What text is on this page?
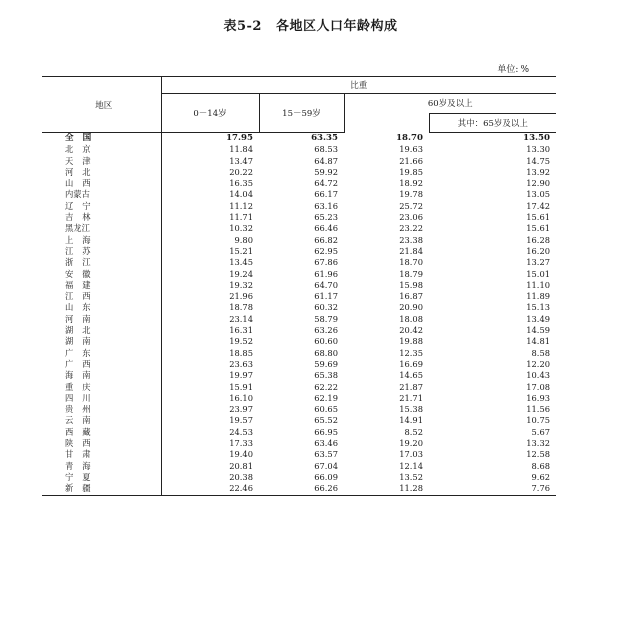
表5-2 各地区人口年龄构成
单位: %
地区	比重			
	0－14岁	15－59岁	60岁及以上	
				其中：65岁及以上
全国	17.95	63.35	18.70	13.50
北京	11.84	68.53	19.63	13.30
天津	13.47	64.87	21.66	14.75
河北	20.22	59.92	19.85	13.92
山西	16.35	64.72	18.92	12.90
内蒙古	14.04	66.17	19.78	13.05
辽宁	11.12	63.16	25.72	17.42
吉林	11.71	65.23	23.06	15.61
黑龙江	10.32	66.46	23.22	15.61
上海	9.80	66.82	23.38	16.28
江苏	15.21	62.95	21.84	16.20
浙江	13.45	67.86	18.70	13.27
安徽	19.24	61.96	18.79	15.01
福建	19.32	64.70	15.98	11.10
江西	21.96	61.17	16.87	11.89
山东	18.78	60.32	20.90	15.13
河南	23.14	58.79	18.08	13.49
湖北	16.31	63.26	20.42	14.59
湖南	19.52	60.60	19.88	14.81
广东	18.85	68.80	12.35	8.58
广西	23.63	59.69	16.69	12.20
海南	19.97	65.38	14.65	10.43
重庆	15.91	62.22	21.87	17.08
四川	16.10	62.19	21.71	16.93
贵州	23.97	60.65	15.38	11.56
云南	19.57	65.52	14.91	10.75
西藏	24.53	66.95	8.52	5.67
陕西	17.33	63.46	19.20	13.32
甘肃	19.40	63.57	17.03	12.58
青海	20.81	67.04	12.14	8.68
宁夏	20.38	66.09	13.52	9.62
新疆	22.46	66.26	11.28	7.76
